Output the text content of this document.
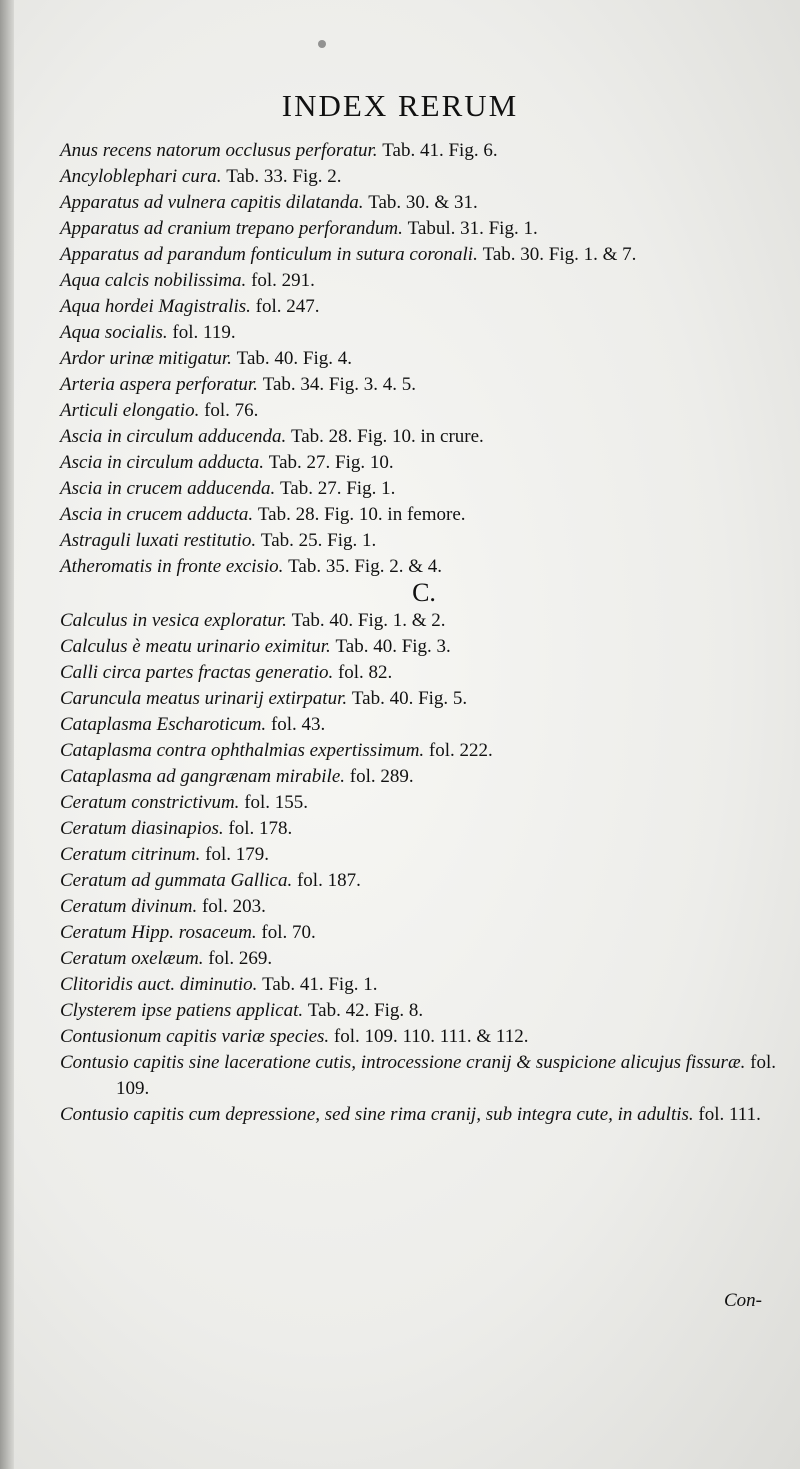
INDEX RERUM
Anus recens natorum occlusus perforatur. Tab. 41. Fig. 6.
Ancyloblephari cura. Tab. 33. Fig. 2.
Apparatus ad vulnera capitis dilatanda. Tab. 30. & 31.
Apparatus ad cranium trepano perforandum. Tabul. 31. Fig. 1.
Apparatus ad parandum fonticulum in sutura coronali. Tab. 30. Fig. 1. & 7.
Aqua calcis nobilissima. fol. 291.
Aqua hordei Magistralis. fol. 247.
Aqua socialis. fol. 119.
Ardor urinæ mitigatur. Tab. 40. Fig. 4.
Arteria aspera perforatur. Tab. 34. Fig. 3. 4. 5.
Articuli elongatio. fol. 76.
Ascia in circulum adducenda. Tab. 28. Fig. 10. in crure.
Ascia in circulum adducta. Tab. 27. Fig. 10.
Ascia in crucem adducenda. Tab. 27. Fig. 1.
Ascia in crucem adducta. Tab. 28. Fig. 10. in femore.
Astraguli luxati restitutio. Tab. 25. Fig. 1.
Atheromatis in fronte excisio. Tab. 35. Fig. 2. & 4.
C.
Calculus in vesica exploratur. Tab. 40. Fig. 1. & 2.
Calculus è meatu urinario eximitur. Tab. 40. Fig. 3.
Calli circa partes fractas generatio. fol. 82.
Caruncula meatus urinarij extirpatur. Tab. 40. Fig. 5.
Cataplasma Escharoticum. fol. 43.
Cataplasma contra ophthalmias expertissimum. fol. 222.
Cataplasma ad gangrænam mirabile. fol. 289.
Ceratum constrictivum. fol. 155.
Ceratum diasinapios. fol. 178.
Ceratum citrinum. fol. 179.
Ceratum ad gummata Gallica. fol. 187.
Ceratum divinum. fol. 203.
Ceratum Hipp. rosaceum. fol. 70.
Ceratum oxelæum. fol. 269.
Clitoridis auct. diminutio. Tab. 41. Fig. 1.
Clysterem ipse patiens applicat. Tab. 42. Fig. 8.
Contusionum capitis variæ species. fol. 109. 110. 111. & 112.
Contusio capitis sine laceratione cutis, introcessione cranij & suspicione alicujus fissuræ. fol. 109.
Contusio capitis cum depressione, sed sine rima cranij, sub integra cute, in adultis. fol. 111.
Con-
